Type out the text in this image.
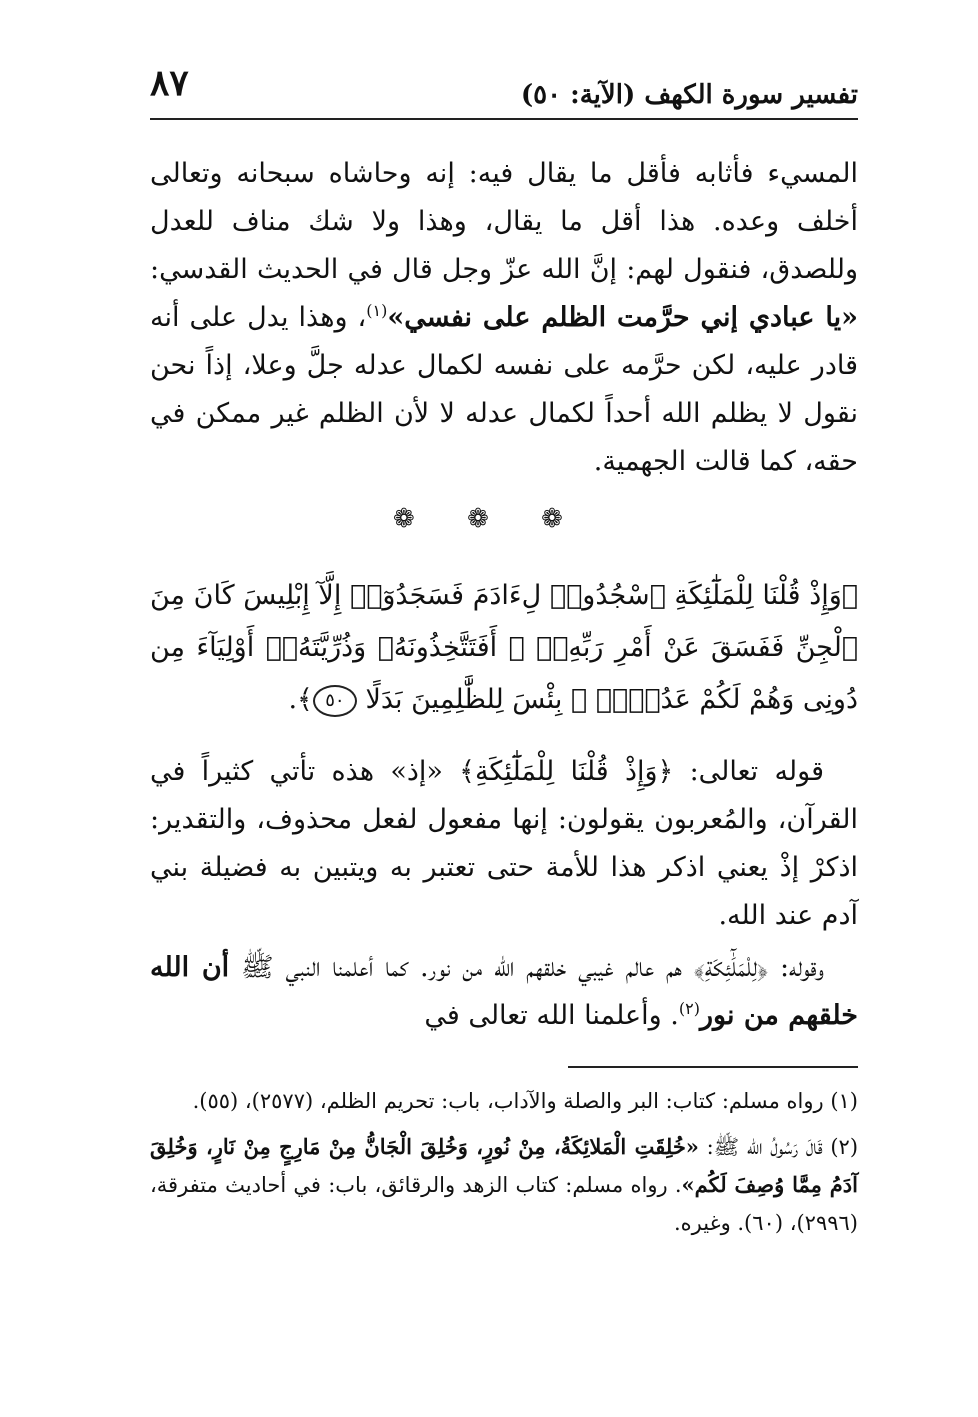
تفسير سورة الكهف (الآية: ٥٠)
٨٧
المسيء فأثابه فأقل ما يقال فيه: إنه وحاشاه سبحانه وتعالى أخلف وعده. هذا أقل ما يقال، وهذا ولا شك مناف للعدل وللصدق، فنقول لهم: إنَّ الله عزّ وجل قال في الحديث القدسي: «يا عبادي إني حرَّمت الظلم على نفسي»$^{(١)}$، وهذا يدل على أنه قادر عليه، لكن حرَّمه على نفسه لكمال عدله جلَّ وعلا، إذاً نحن نقول لا يظلم الله أحداً لكمال عدله لا لأن الظلم غير ممكن في حقه، كما قالت الجهمية.
❁ ❁ ❁
﴿وَإِذْ قُلْنَا لِلْمَلَٰٓئِكَةِ ٱسْجُدُوا۟ لِءَادَمَ فَسَجَدُوٓا۟ إِلَّآ إِبْلِيسَ كَانَ مِنَ ٱلْجِنِّ فَفَسَقَ عَنْ أَمْرِ رَبِّهِۦٓ ۗ أَفَتَتَّخِذُونَهُۥ وَذُرِّيَّتَهُۥٓ أَوْلِيَآءَ مِن دُونِى وَهُمْ لَكُمْ عَدُوٌّۢ ۚ بِئْسَ لِلظَّٰلِمِينَ بَدَلًا ٥٠﴾.
قوله تعالى: ﴿وَإِذْ قُلْنَا لِلْمَلَٰٓئِكَةِ﴾ «إذ» هذه تأتي كثيراً في القرآن، والمُعربون يقولون: إنها مفعول لفعل محذوف، والتقدير: اذكرْ إذْ يعني اذكر هذا للأمة حتى تعتبر به ويتبين به فضيلة بني آدم عند الله.
وقوله: ﴿لِلْمَلَٰٓئِكَةِ﴾ هم عالم غيبي خلقهم الله من نور. كما أعلمنا النبي ﷺ أن الله خلقهم من نور$^{(٢)}$. وأعلمنا الله تعالى في
(١) رواه مسلم: كتاب: البر والصلة والآداب، باب: تحريم الظلم، (٢٥٧٧)، (٥٥).
(٢) قَالَ رَسُولُ الله ﷺ: «خُلِقَتِ الْمَلائِكَةُ، مِنْ نُورٍ، وَخُلِقَ الْجَانُّ مِنْ مَارِجٍ مِنْ نَارٍ، وَخُلِقَ آدَمُ مِمَّا وُصِفَ لَكُم». رواه مسلم: كتاب الزهد والرقائق، باب: في أحاديث متفرقة، (٢٩٩٦)، (٦٠). وغيره.
